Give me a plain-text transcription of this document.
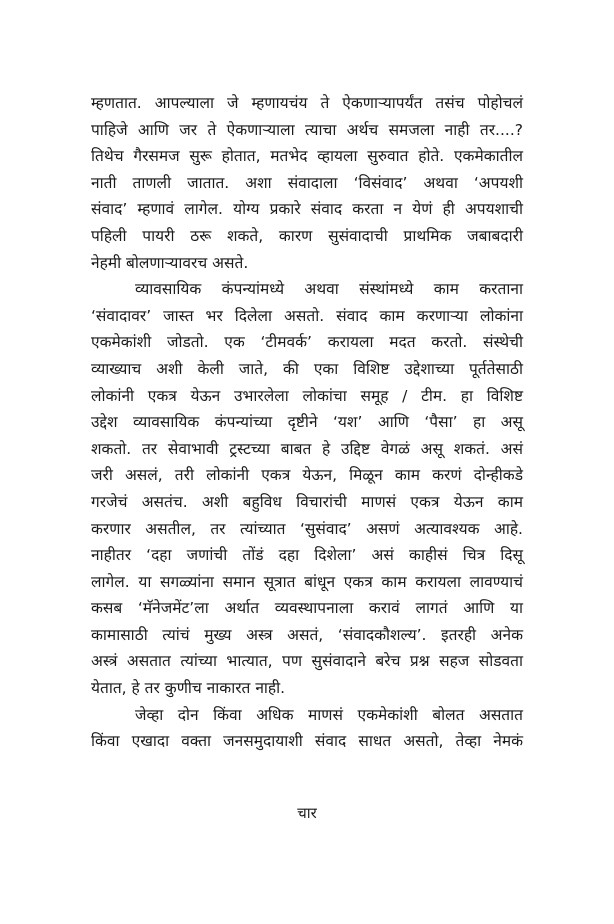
म्हणतात. आपल्याला जे म्हणायचंय ते ऐकणाऱ्यापर्यंत तसंच पोहोचलं
पाहिजे आणि जर ते ऐकणाऱ्याला त्याचा अर्थच समजला नाही तर....?
तिथेच गैरसमज सुरू होतात, मतभेद व्हायला सुरुवात होते. एकमेकातील
नाती ताणली जातात. अशा संवादाला ‘विसंवाद’ अथवा ‘अपयशी
संवाद’ म्हणावं लागेल. योग्य प्रकारे संवाद करता न येणं ही अपयशाची
पहिली पायरी ठरू शकते, कारण सुसंवादाची प्राथमिक जबाबदारी
नेहमी बोलणाऱ्यावरच असते.
व्यावसायिक कंपन्यांमध्ये अथवा संस्थांमध्ये काम करताना
‘संवादावर’ जास्त भर दिलेला असतो. संवाद काम करणाऱ्या लोकांना
एकमेकांशी जोडतो. एक ‘टीमवर्क’ करायला मदत करतो. संस्थेची
व्याख्याच अशी केली जाते, की एका विशिष्ट उद्देशाच्या पूर्ततेसाठी
लोकांनी एकत्र येऊन उभारलेला लोकांचा समूह / टीम. हा विशिष्ट
उद्देश व्यावसायिक कंपन्यांच्या दृष्टीने ‘यश’ आणि ‘पैसा’ हा असू
शकतो. तर सेवाभावी ट्रस्टच्या बाबत हे उद्दिष्ट वेगळं असू शकतं. असं
जरी असलं, तरी लोकांनी एकत्र येऊन, मिळून काम करणं दोन्हीकडे
गरजेचं असतंच. अशी बहुविध विचारांची माणसं एकत्र येऊन काम
करणार असतील, तर त्यांच्यात ‘सुसंवाद’ असणं अत्यावश्यक आहे.
नाहीतर ‘दहा जणांची तोंडं दहा दिशेला’ असं काहीसं चित्र दिसू
लागेल. या सगळ्यांना समान सूत्रात बांधून एकत्र काम करायला लावण्याचं
कसब ‘मॅनेजमेंट’ला अर्थात व्यवस्थापनाला करावं लागतं आणि या
कामासाठी त्यांचं मुख्य अस्त्र असतं, ‘संवादकौशल्य’. इतरही अनेक
अस्त्रं असतात त्यांच्या भात्यात, पण सुसंवादाने बरेच प्रश्न सहज सोडवता
येतात, हे तर कुणीच नाकारत नाही.
जेव्हा दोन किंवा अधिक माणसं एकमेकांशी बोलत असतात
किंवा एखादा वक्ता जनसमुदायाशी संवाद साधत असतो, तेव्हा नेमकं
चार
